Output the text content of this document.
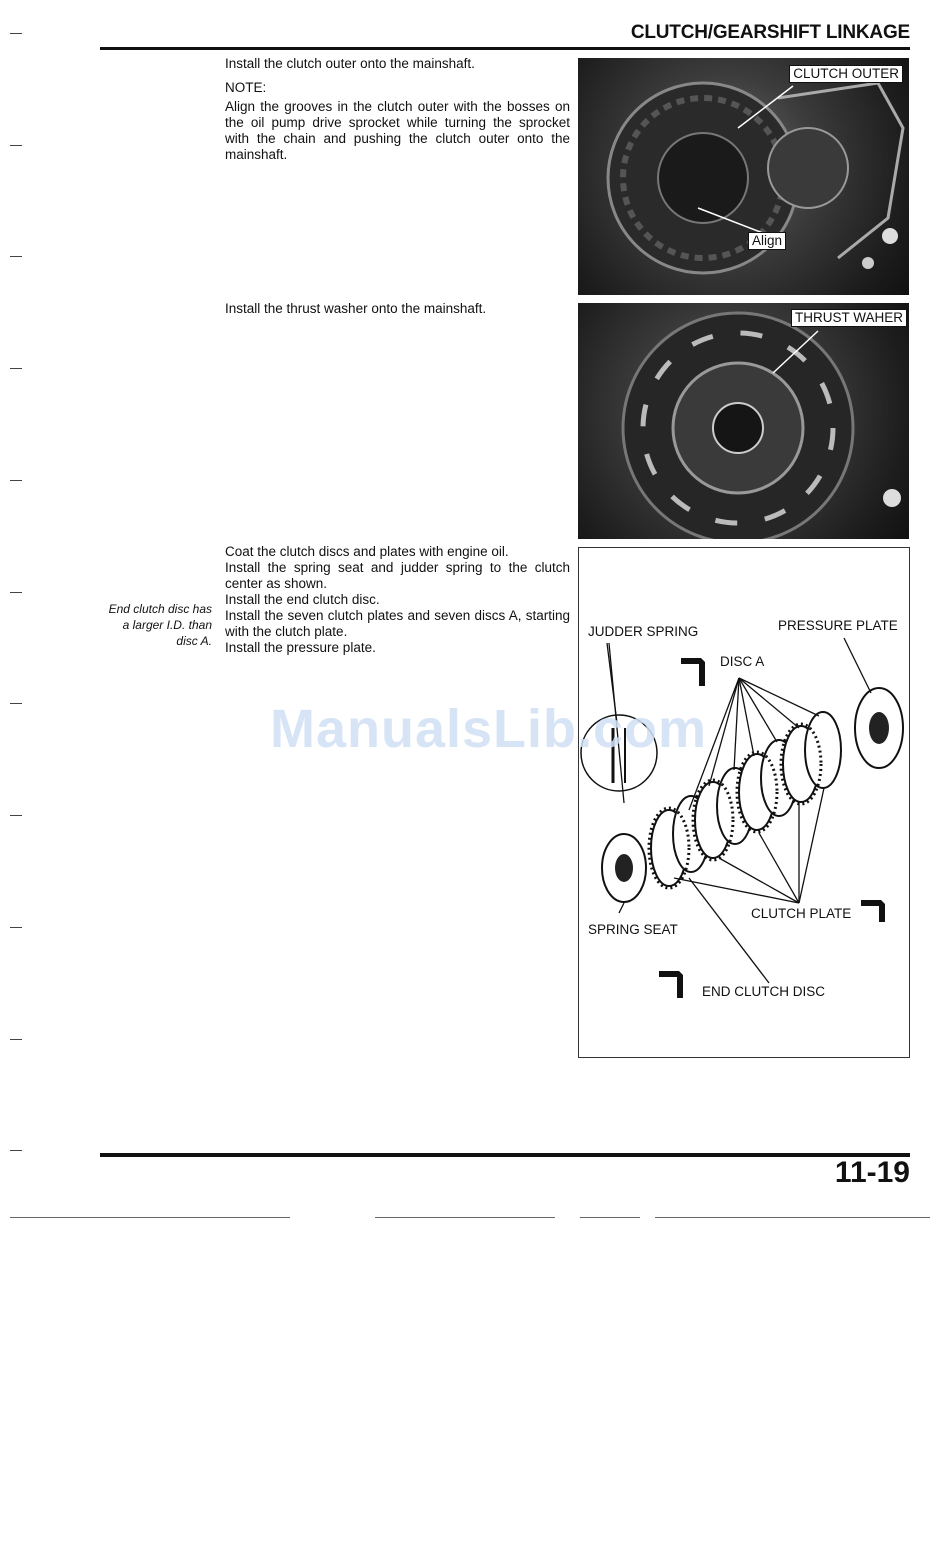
CLUTCH/GEARSHIFT LINKAGE
Install the clutch outer onto the mainshaft.
NOTE:
Align the grooves in the clutch outer with the bosses on the oil pump drive sprocket while turning the sprocket with the chain and pushing the clutch outer onto the mainshaft.
CLUTCH OUTER
Align
Install the thrust washer onto the mainshaft.
THRUST WAHER
Coat the clutch discs and plates with engine oil.
Install the spring seat and judder spring to the clutch center as shown.
Install the end clutch disc.
Install the seven clutch plates and seven discs A, starting with the clutch plate.
Install the pressure plate.
End clutch disc has a larger I.D. than disc A.
JUDDER SPRING	PRESSURE PLATE
DISC A
CLUTCH PLATE
SPRING SEAT
END CLUTCH DISC
ManualsLib.com
11-19
